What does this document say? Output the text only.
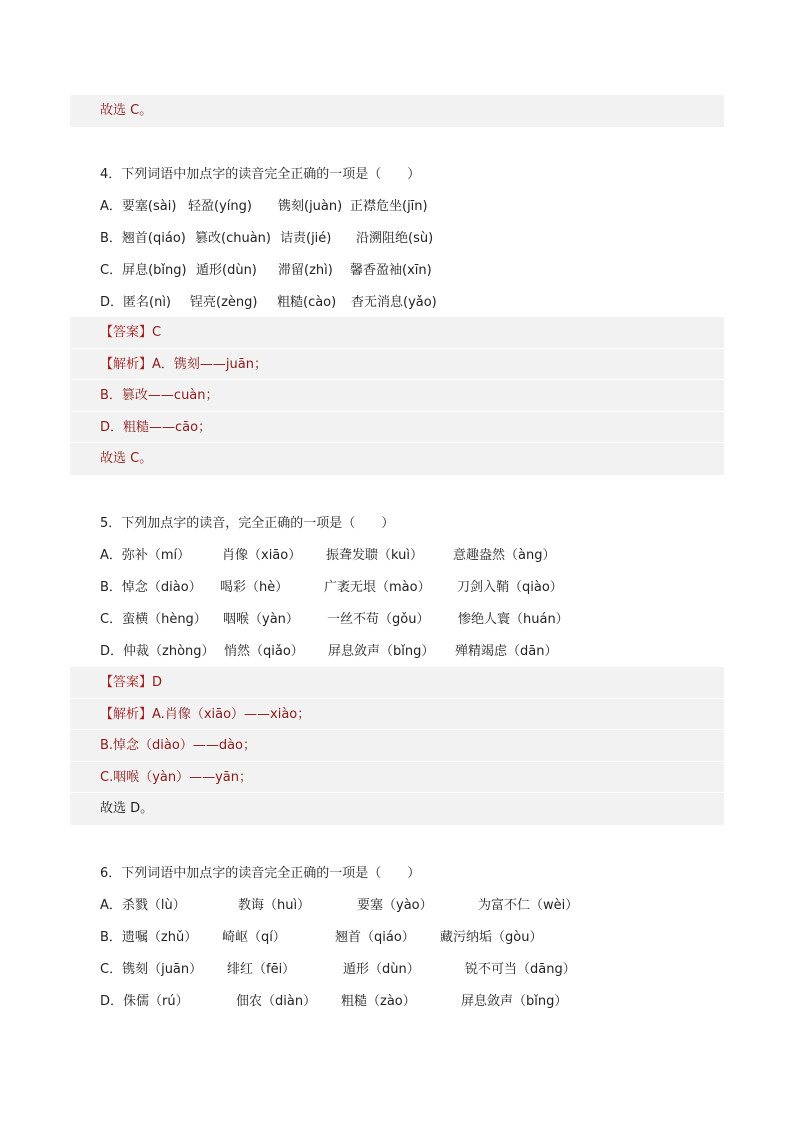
故选 C。
4．下列词语中加点字的读音完全正确的一项是（　　）
A．要塞(sài) 轻盈(yíng) 镌刻(juàn) 正襟危坐(jīn)
B．翘首(qiáo) 篡改(chuàn) 诘责(jié) 沿溯阻绝(sù)
C．屏息(bǐng) 遁形(dùn) 滞留(zhì) 馨香盈袖(xīn)
D．匿名(nì) 锃亮(zèng) 粗糙(cào) 杳无消息(yǎo)
【答案】C
【解析】A．镌刻——juān；
B．篡改——cuàn；
D．粗糙——cāo；
故选 C。
5．下列加点字的读音，完全正确的一项是（　　）
A．弥补（mí） 肖像（xiāo） 振聋发聩（kuì） 意趣盎然（àng）
B．悼念（diào） 喝彩（hè）	广袤无垠（mào） 刀剑入鞘（qiào）
C．蛮横（hèng） 咽喉（yàn） 一丝不苟（gǒu） 惨绝人寰（huán）
D．仲裁（zhòng） 悄然（qiǎo） 屏息敛声（bǐng） 殚精竭虑（dān）
【答案】D
【解析】A.肖像（xiāo）——xiào；
B.悼念（diào）——dào；
C.咽喉（yàn）——yān；
故选 D。
6．下列词语中加点字的读音完全正确的一项是（　　）
A．杀戮（lù）	教诲（huì）	要塞（yào）	为富不仁（wèi）
B．遗嘱（zhǔ） 崎岖（qí）	翘首（qiáo） 藏污纳垢（gòu）
C．镌刻（juān） 绯红（fēi）	遁形（dùn）	锐不可当（dāng）
D．侏儒（rú）	佃农（diàn） 粗糙（zào）	屏息敛声（bǐng）
